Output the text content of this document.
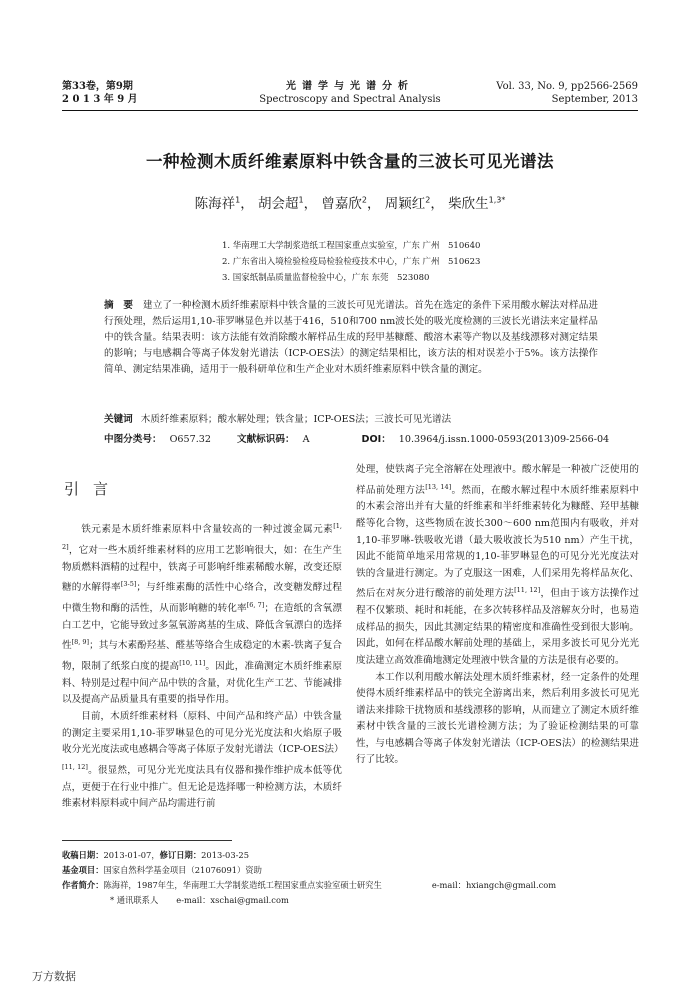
第33卷，第9期
2 0 1 3 年 9 月
光谱学与光谱分析
Spectroscopy and Spectral Analysis
Vol. 33, No. 9, pp2566-2569
September, 2013
一种检测木质纤维素原料中铁含量的三波长可见光谱法
陈海祥$^1$， 胡会超$^1$， 曾嘉欣$^2$， 周颖红$^2$， 柴欣生$^{1,3*}$
1. 华南理工大学制浆造纸工程国家重点实验室，广东 广州　510640
2. 广东省出入境检验检疫局检验检疫技术中心，广东 广州　510623
3. 国家纸制品质量监督检验中心，广东 东莞　523080
摘　要 建立了一种检测木质纤维素原料中铁含量的三波长可见光谱法。首先在选定的条件下采用酸水解法对样品进行预处理，然后运用1,10-菲罗啉显色并以基于416，510和700 nm波长处的吸光度检测的三波长光谱法来定量样品中的铁含量。结果表明：该方法能有效消除酸水解样品生成的羟甲基糠醛、酸溶木素等产物以及基线漂移对测定结果的影响；与电感耦合等离子体发射光谱法（ICP-OES法）的测定结果相比，该方法的相对误差小于5%。该方法操作简单、测定结果准确，适用于一般科研单位和生产企业对木质纤维素原料中铁含量的测定。
关键词 木质纤维素原料；酸水解处理；铁含量；ICP-OES法；三波长可见光谱法
中图分类号： O657.32	文献标识码： A	DOI： 10.3964/j.issn.1000-0593(2013)09-2566-04
引言

铁元素是木质纤维素原料中含量较高的一种过渡金属元素[1, 2]，它对一些木质纤维素材料的应用工艺影响很大，如：在生产生物质燃料酒精的过程中，铁离子可影响纤维素稀酸水解，改变还原糖的水解得率[3-5]；与纤维素酶的活性中心络合，改变糖发酵过程中微生物和酶的活性，从而影响糖的转化率[6, 7]；在造纸的含氧漂白工艺中，它能导致过多氢氧游离基的生成、降低含氧漂白的选择性[8, 9]；其与木素酚羟基、醛基等络合生成稳定的木素-铁离子复合物，限制了纸浆白度的提高[10, 11]。因此，准确测定木质纤维素原料、特别是过程中间产品中铁的含量，对优化生产工艺、节能减排以及提高产品质量具有重要的指导作用。

目前，木质纤维素材料（原料、中间产品和终产品）中铁含量的测定主要采用1,10-菲罗啉显色的可见分光光度法和火焰原子吸收分光光度法或电感耦合等离子体原子发射光谱法（ICP-OES法）[11, 12]。很显然，可见分光光度法具有仪器和操作维护成本低等优点，更便于在行业中推广。但无论是选择哪一种检测方法，木质纤维素材料原料或中间产品均需进行前

处理，使铁离子完全溶解在处理液中。酸水解是一种被广泛使用的样品前处理方法[13, 14]。然而，在酸水解过程中木质纤维素原料中的木素会溶出并有大量的纤维素和半纤维素转化为糠醛、羟甲基糠醛等化合物，这些物质在波长300～600 nm范围内有吸收，并对1,10-菲罗啉-铁吸收光谱（最大吸收波长为510 nm）产生干扰，因此不能简单地采用常规的1,10-菲罗啉显色的可见分光光度法对铁的含量进行测定。为了克服这一困难，人们采用先将样品灰化、然后在对灰分进行酸溶的前处理方法[11, 12]，但由于该方法操作过程不仅繁琐、耗时和耗能，在多次转移样品及溶解灰分时，也易造成样品的损失，因此其测定结果的精密度和准确性受到很大影响。因此，如何在样品酸水解前处理的基础上，采用多波长可见分光光度法建立高效准确地测定处理液中铁含量的方法是很有必要的。

本工作以利用酸水解法处理木质纤维素材，经一定条件的处理使得木质纤维素样品中的铁完全游离出来，然后利用多波长可见光谱法来排除干扰物质和基线漂移的影响，从而建立了测定木质纤维素材中铁含量的三波长光谱检测方法；为了验证检测结果的可靠性，与电感耦合等离子体发射光谱法（ICP-OES法）的检测结果进行了比较。

收稿日期：2013-01-07，修订日期：2013-03-25
基金项目：国家自然科学基金项目（21076091）资助
作者简介：陈海祥，1987年生，华南理工大学制浆造纸工程国家重点实验室硕士研究生	e-mail：hxiangch@gmail.com
* 通讯联系人 e-mail：xschai@gmail.com
万方数据
